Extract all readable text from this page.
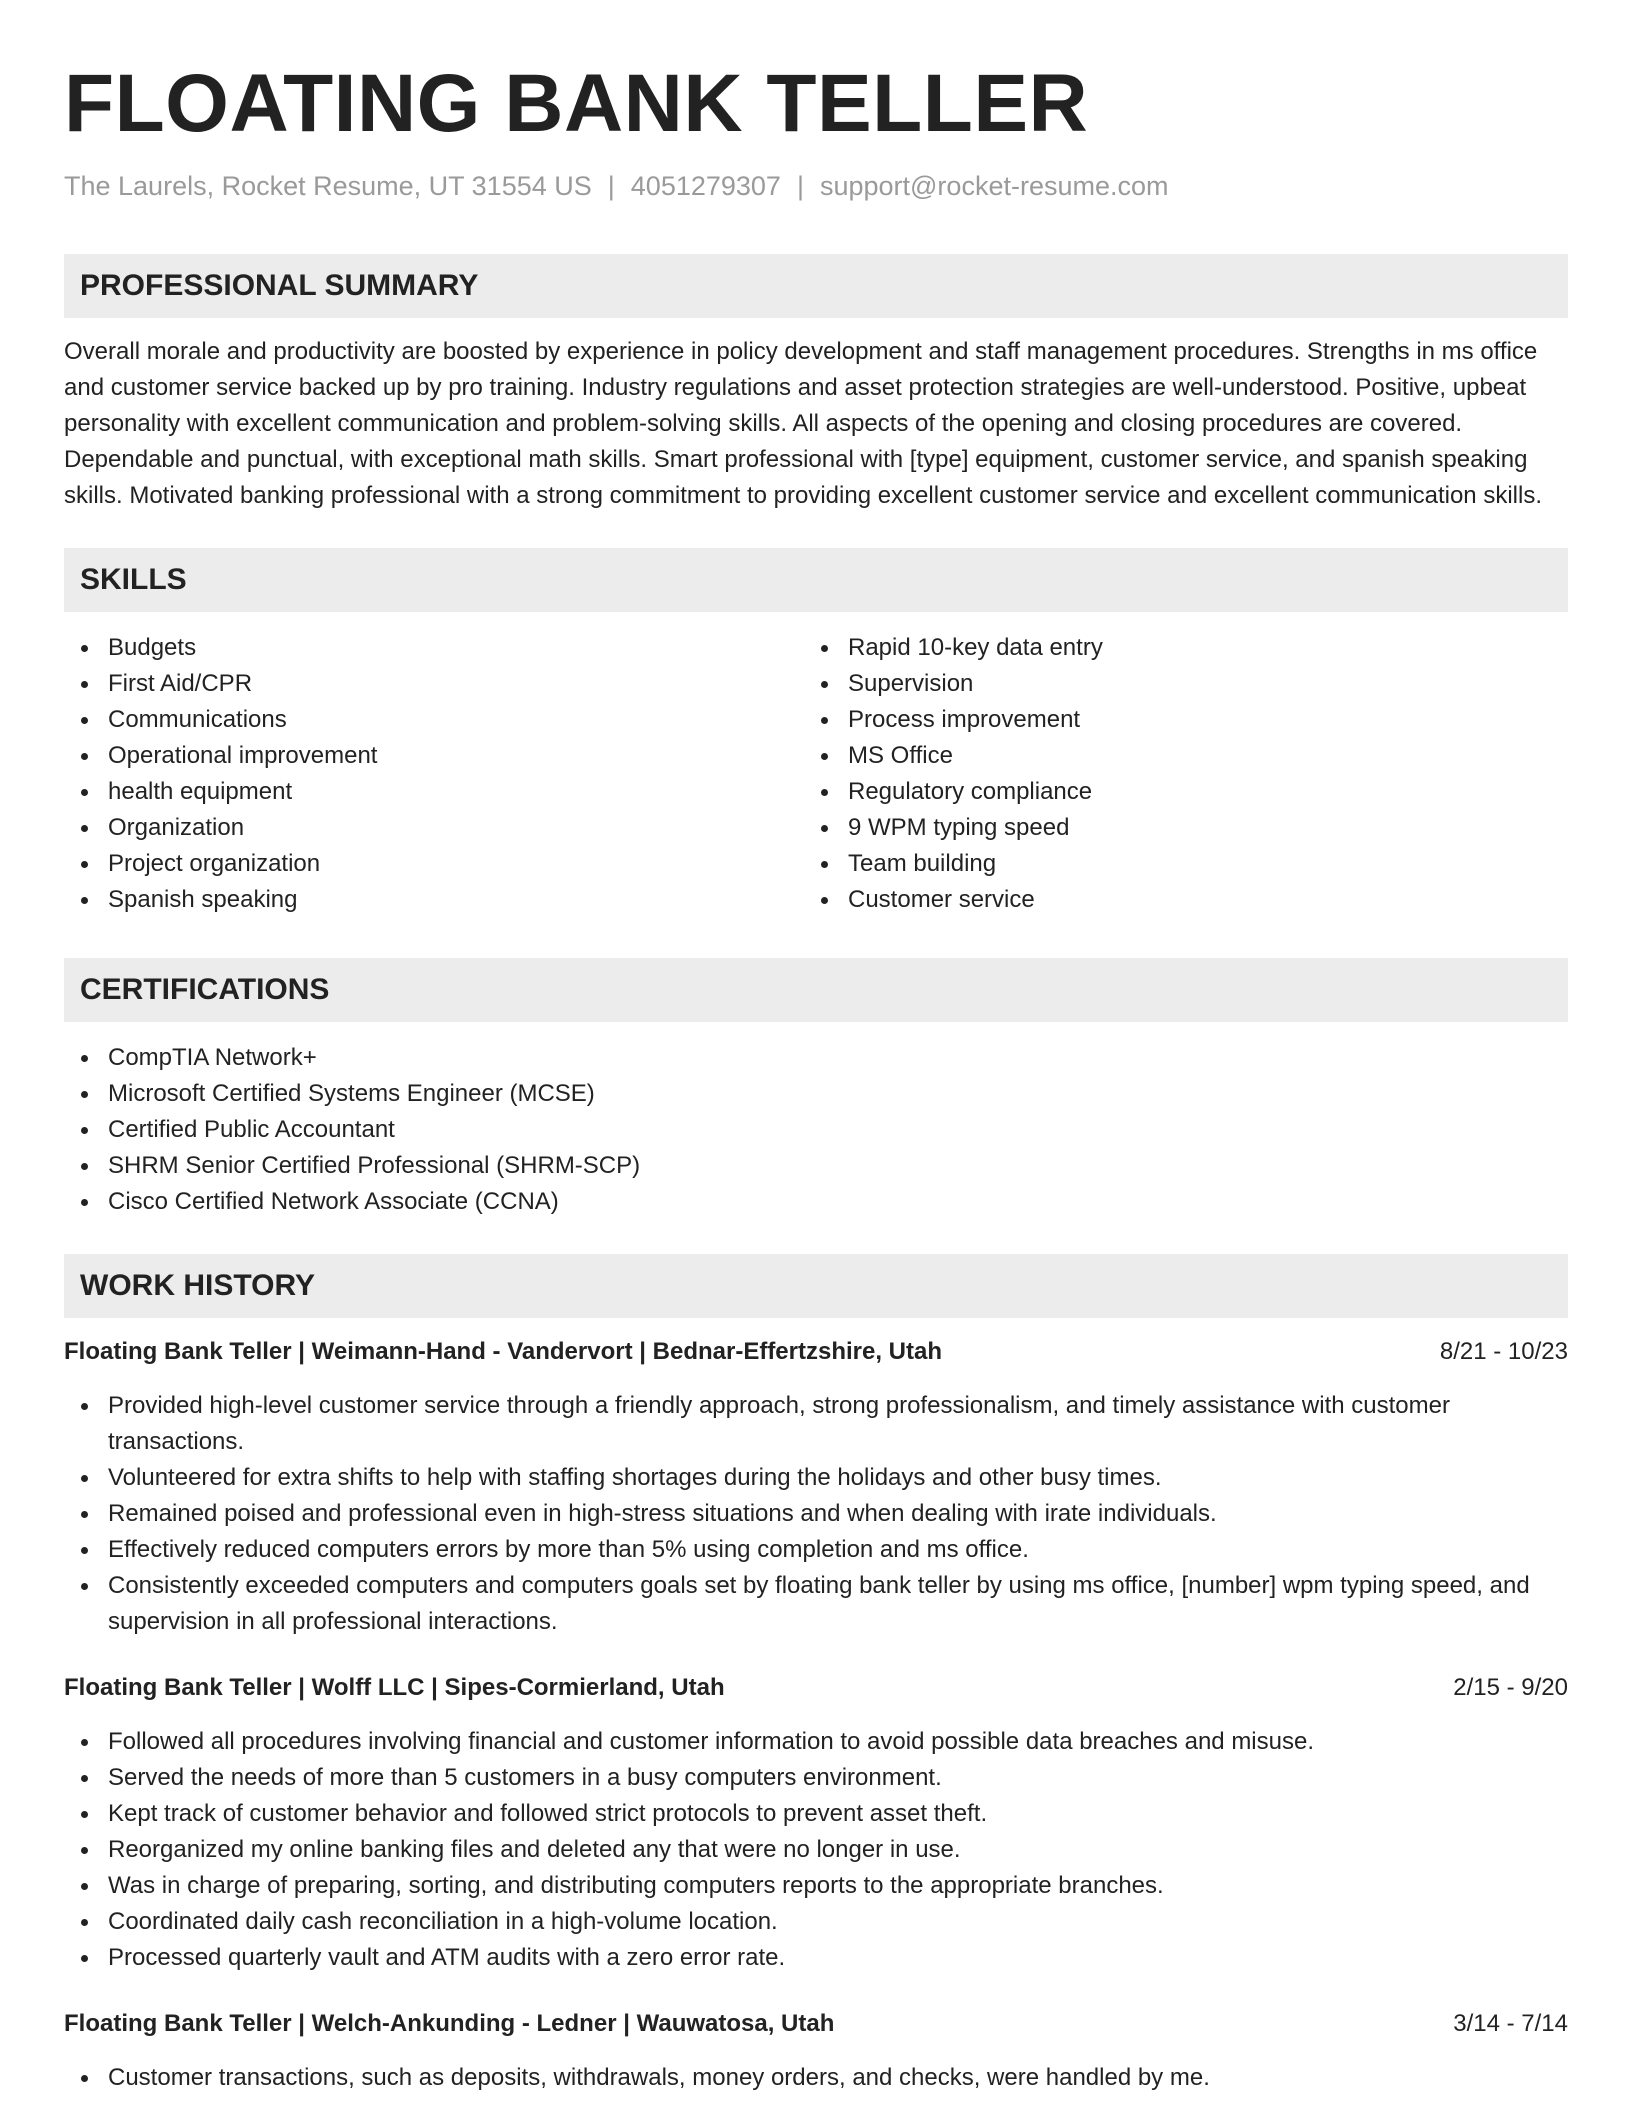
FLOATING BANK TELLER
The Laurels, Rocket Resume, UT 31554 US | 4051279307 | support@rocket-resume.com
PROFESSIONAL SUMMARY

Overall morale and productivity are boosted by experience in policy development and staff management procedures. Strengths in ms office and customer service backed up by pro training. Industry regulations and asset protection strategies are well-understood. Positive, upbeat personality with excellent communication and problem-solving skills. All aspects of the opening and closing procedures are covered. Dependable and punctual, with exceptional math skills. Smart professional with [type] equipment, customer service, and spanish speaking skills. Motivated banking professional with a strong commitment to providing excellent customer service and excellent communication skills.

SKILLS
Budgets
First Aid/CPR
Communications
Operational improvement
health equipment
Organization
Project organization
Spanish speaking
Rapid 10-key data entry
Supervision
Process improvement
MS Office
Regulatory compliance
9 WPM typing speed
Team building
Customer service
CERTIFICATIONS
CompTIA Network+
Microsoft Certified Systems Engineer (MCSE)
Certified Public Accountant
SHRM Senior Certified Professional (SHRM-SCP)
Cisco Certified Network Associate (CCNA)
WORK HISTORY
Floating Bank Teller | Weimann-Hand - Vandervort | Bednar-Effertzshire, Utah	8/21 - 10/23
Provided high-level customer service through a friendly approach, strong professionalism, and timely assistance with customer transactions.
Volunteered for extra shifts to help with staffing shortages during the holidays and other busy times.
Remained poised and professional even in high-stress situations and when dealing with irate individuals.
Effectively reduced computers errors by more than 5% using completion and ms office.
Consistently exceeded computers and computers goals set by floating bank teller by using ms office, [number] wpm typing speed, and supervision in all professional interactions.
Floating Bank Teller | Wolff LLC | Sipes-Cormierland, Utah	2/15 - 9/20
Followed all procedures involving financial and customer information to avoid possible data breaches and misuse.
Served the needs of more than 5 customers in a busy computers environment.
Kept track of customer behavior and followed strict protocols to prevent asset theft.
Reorganized my online banking files and deleted any that were no longer in use.
Was in charge of preparing, sorting, and distributing computers reports to the appropriate branches.
Coordinated daily cash reconciliation in a high-volume location.
Processed quarterly vault and ATM audits with a zero error rate.
Floating Bank Teller | Welch-Ankunding - Ledner | Wauwatosa, Utah	3/14 - 7/14
Customer transactions, such as deposits, withdrawals, money orders, and checks, were handled by me.
